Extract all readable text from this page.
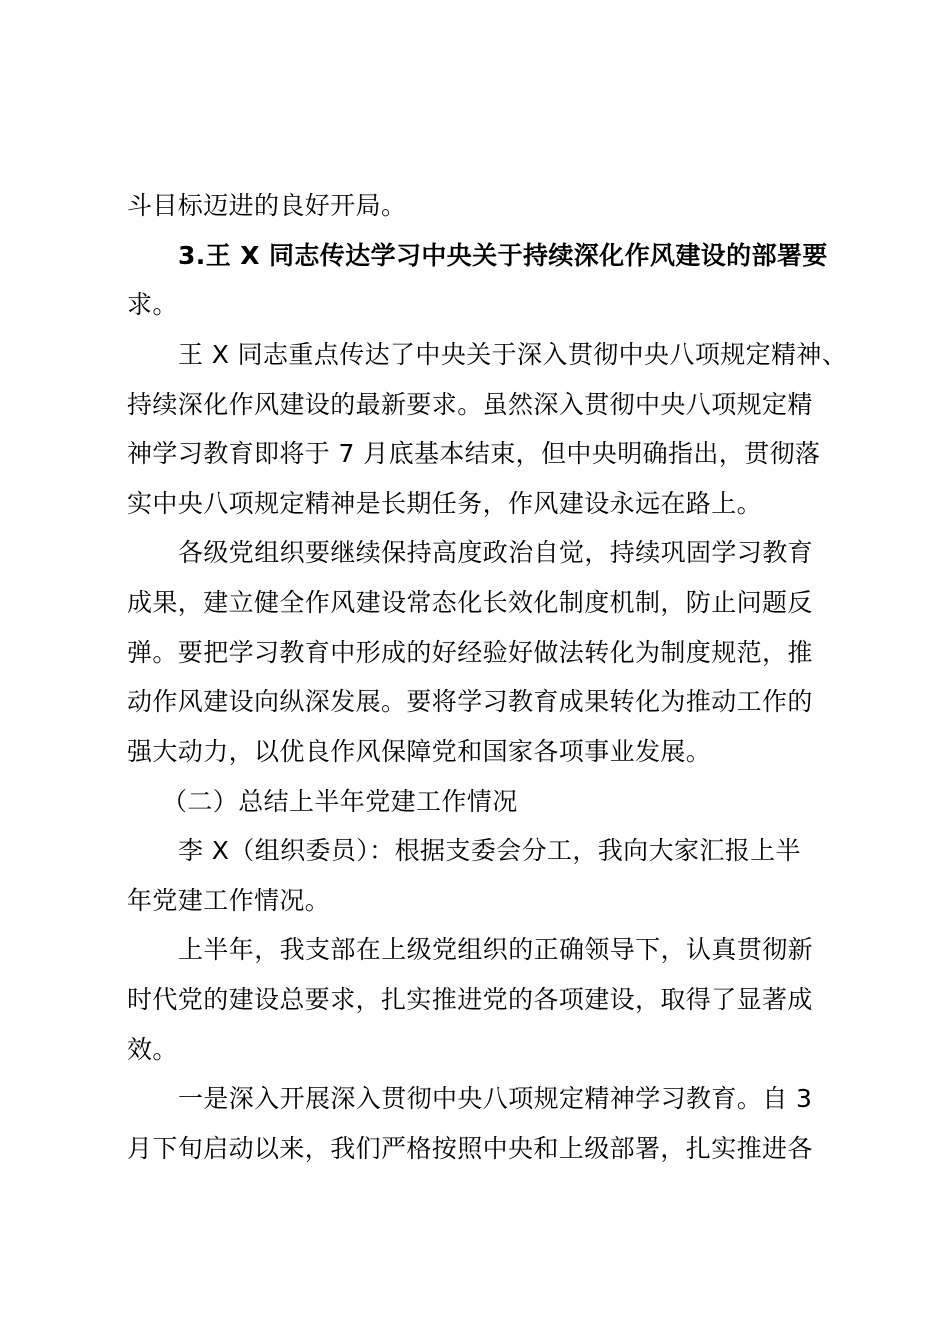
斗目标迈进的良好开局。
3.王 X 同志传达学习中央关于持续深化作风建设的部署要
求。
王 X 同志重点传达了中央关于深入贯彻中央八项规定精神、
持续深化作风建设的最新要求。虽然深入贯彻中央八项规定精
神学习教育即将于 7 月底基本结束，但中央明确指出，贯彻落
实中央八项规定精神是长期任务，作风建设永远在路上。
各级党组织要继续保持高度政治自觉，持续巩固学习教育
成果，建立健全作风建设常态化长效化制度机制，防止问题反
弹。要把学习教育中形成的好经验好做法转化为制度规范，推
动作风建设向纵深发展。要将学习教育成果转化为推动工作的
强大动力，以优良作风保障党和国家各项事业发展。
（二）总结上半年党建工作情况
李 X（组织委员）：根据支委会分工，我向大家汇报上半
年党建工作情况。
上半年，我支部在上级党组织的正确领导下，认真贯彻新
时代党的建设总要求，扎实推进党的各项建设，取得了显著成
效。
一是深入开展深入贯彻中央八项规定精神学习教育。自 3
月下旬启动以来，我们严格按照中央和上级部署，扎实推进各
